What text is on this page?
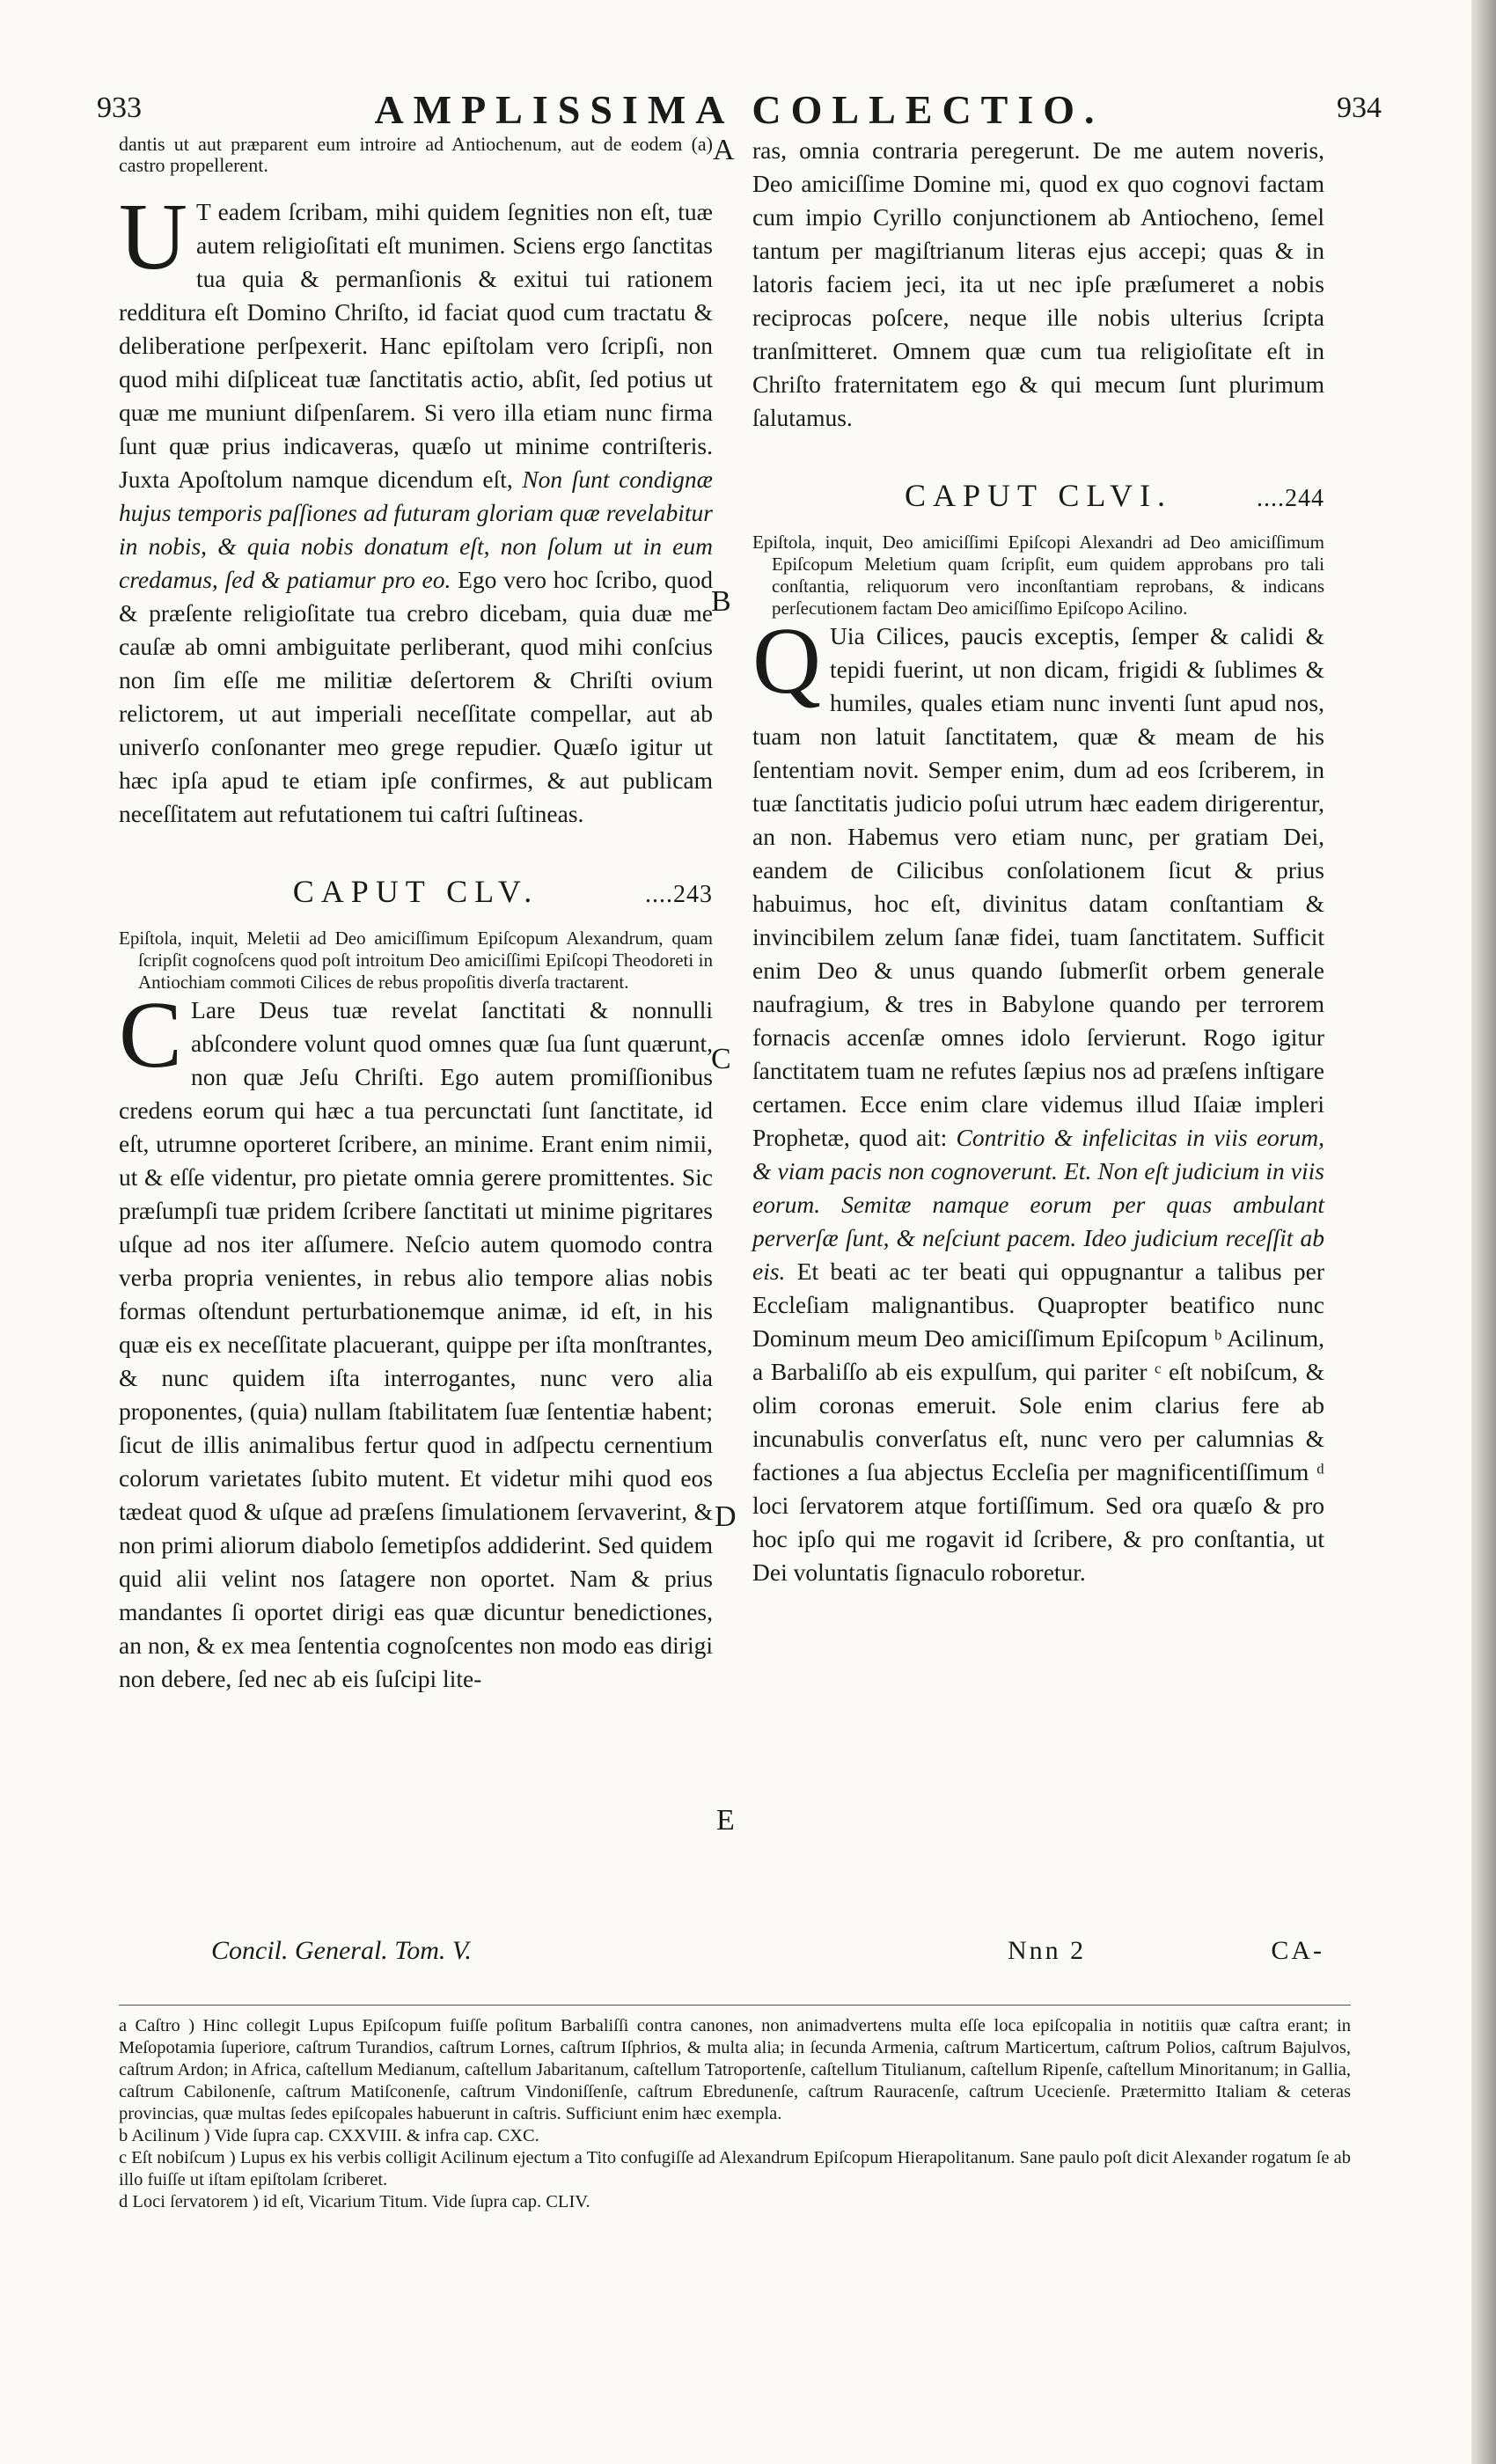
933	AMPLISSIMA COLLECTIO.	934

dantis ut aut præparent eum introire ad Antiochenum, aut de eodem (a) castro propellerent.

U T eadem ſcribam, mihi quidem ſegnities non eſt, tuæ autem religioſitati eſt munimen. Sciens ergo ſanctitas tua quia & permanſionis & exitui tui rationem redditura eſt Domino Chriſto, id faciat quod cum tractatu & deliberatione perſpexerit. Hanc epiſtolam vero ſcripſi, non quod mihi diſpliceat tuæ ſanctitatis actio, abſit, ſed potius ut quæ me muniunt diſpenſarem. Si vero illa etiam nunc firma ſunt quæ prius indicaveras, quæſo ut minime contriſteris. Juxta Apoſtolum namque dicendum eſt, Non ſunt condignæ hujus temporis paſſiones ad futuram gloriam quæ revelabitur in nobis, & quia nobis donatum eſt, non ſolum ut in eum credamus, ſed & patiamur pro eo. Ego vero hoc ſcribo, quod & præſente religioſitate tua crebro dicebam, quia duæ me cauſæ ab omni ambiguitate perliberant, quod mihi conſcius non ſim eſſe me militiæ deſertorem & Chriſti ovium relictorem, ut aut imperiali neceſſitate compellar, aut ab univerſo conſonanter meo grege repudier. Quæſo igitur ut hæc ipſa apud te etiam ipſe confirmes, & aut publicam neceſſitatem aut refutationem tui caſtri ſuſtineas.

CAPUT CLV.	....243

Epiſtola, inquit, Meletii ad Deo amiciſſimum Epiſcopum Alexandrum, quam ſcripſit cognoſcens quod poſt introitum Deo amiciſſimi Epiſcopi Theodoreti in Antiochiam commoti Cilices de rebus propoſitis diverſa tractarent.

C Lare Deus tuæ revelat ſanctitati & nonnulli abſcondere volunt quod omnes quæ ſua ſunt quærunt, non quæ Jeſu Chriſti. Ego autem promiſſionibus credens eorum qui hæc a tua percunctati ſunt ſanctitate, id eſt, utrumne oporteret ſcribere, an minime. Erant enim nimii, ut & eſſe videntur, pro pietate omnia gerere promittentes. Sic præſumpſi tuæ pridem ſcribere ſanctitati ut minime pigritares uſque ad nos iter aſſumere. Neſcio autem quomodo contra verba propria venientes, in rebus alio tempore alias nobis formas oſtendunt perturbationemque animæ, id eſt, in his quæ eis ex neceſſitate placuerant, quippe per iſta monſtrantes, & nunc quidem iſta interrogantes, nunc vero alia proponentes, (quia) nullam ſtabilitatem ſuæ ſententiæ habent; ſicut de illis animalibus fertur quod in adſpectu cernentium colorum varietates ſubito mutent. Et videtur mihi quod eos tædeat quod & uſque ad præſens ſimulationem ſervaverint, & non primi aliorum diabolo ſemetipſos addiderint. Sed quidem quid alii velint nos ſatagere non oportet. Nam & prius mandantes ſi oportet dirigi eas quæ dicuntur benedictiones, an non, & ex mea ſententia cognoſcentes non modo eas dirigi non debere, ſed nec ab eis ſuſcipi lite-

A
B
C
D
E

ras, omnia contraria peregerunt. De me autem noveris, Deo amiciſſime Domine mi, quod ex quo cognovi factam cum impio Cyrillo conjunctionem ab Antiocheno, ſemel tantum per magiſtrianum literas ejus accepi; quas & in latoris faciem jeci, ita ut nec ipſe præſumeret a nobis reciprocas poſcere, neque ille nobis ulterius ſcripta tranſmitteret. Omnem quæ cum tua religioſitate eſt in Chriſto fraternitatem ego & qui mecum ſunt plurimum ſalutamus.

CAPUT CLVI.	....244

Epiſtola, inquit, Deo amiciſſimi Epiſcopi Alexandri ad Deo amiciſſimum Epiſcopum Meletium quam ſcripſit, eum quidem approbans pro tali conſtantia, reliquorum vero inconſtantiam reprobans, & indicans perſecutionem factam Deo amiciſſimo Epiſcopo Acilino.

Q Uia Cilices, paucis exceptis, ſemper & calidi & tepidi fuerint, ut non dicam, frigidi & ſublimes & humiles, quales etiam nunc inventi ſunt apud nos, tuam non latuit ſanctitatem, quæ & meam de his ſententiam novit. Semper enim, dum ad eos ſcriberem, in tuæ ſanctitatis judicio poſui utrum hæc eadem dirigerentur, an non. Habemus vero etiam nunc, per gratiam Dei, eandem de Cilicibus conſolationem ſicut & prius habuimus, hoc eſt, divinitus datam conſtantiam & invincibilem zelum ſanæ fidei, tuam ſanctitatem. Sufficit enim Deo & unus quando ſubmerſit orbem generale naufragium, & tres in Babylone quando per terrorem fornacis accenſæ omnes idolo ſervierunt. Rogo igitur ſanctitatem tuam ne refutes ſæpius nos ad præſens inſtigare certamen. Ecce enim clare videmus illud Iſaiæ impleri Prophetæ, quod ait: Contritio & infelicitas in viis eorum, & viam pacis non cognoverunt. Et. Non eſt judicium in viis eorum. Semitæ namque eorum per quas ambulant perverſæ ſunt, & neſciunt pacem. Ideo judicium receſſit ab eis. Et beati ac ter beati qui oppugnantur a talibus per Eccleſiam malignantibus. Quapropter beatifico nunc Dominum meum Deo amiciſſimum Epiſcopum ᵇ Acilinum, a Barbaliſſo ab eis expulſum, qui pariter ᶜ eſt nobiſcum, & olim coronas emeruit. Sole enim clarius fere ab incunabulis converſatus eſt, nunc vero per calumnias & factiones a ſua abjectus Eccleſia per magnificentiſſimum ᵈ loci ſervatorem atque fortiſſimum. Sed ora quæſo & pro hoc ipſo qui me rogavit id ſcribere, & pro conſtantia, ut Dei voluntatis ſignaculo roboretur.

Concil. General. Tom. V.	Nnn 2	CA-

a Caſtro ) Hinc collegit Lupus Epiſcopum fuiſſe poſitum Barbaliſſi contra canones, non animadvertens multa eſſe loca epiſcopalia in notitiis quæ caſtra erant; in Meſopotamia ſuperiore, caſtrum Turandios, caſtrum Lornes, caſtrum Iſphrios, & multa alia; in ſecunda Armenia, caſtrum Marticertum, caſtrum Polios, caſtrum Bajulvos, caſtrum Ardon; in Africa, caſtellum Medianum, caſtellum Jabaritanum, caſtellum Tatroportenſe, caſtellum Titulianum, caſtellum Ripenſe, caſtellum Minoritanum; in Gallia, caſtrum Cabilonenſe, caſtrum Matiſconenſe, caſtrum Vindoniſſenſe, caſtrum Ebredunenſe, caſtrum Rauracenſe, caſtrum Ucecienſe. Prætermitto Italiam & ceteras provincias, quæ multas ſedes epiſcopales habuerunt in caſtris. Sufficiunt enim hæc exempla.

b Acilinum ) Vide ſupra cap. CXXVIII. & infra cap. CXC.

c Eſt nobiſcum ) Lupus ex his verbis colligit Acilinum ejectum a Tito confugiſſe ad Alexandrum Epiſcopum Hierapolitanum. Sane paulo poſt dicit Alexander rogatum ſe ab illo fuiſſe ut iſtam epiſtolam ſcriberet.

d Loci ſervatorem ) id eſt, Vicarium Titum. Vide ſupra cap. CLIV.
